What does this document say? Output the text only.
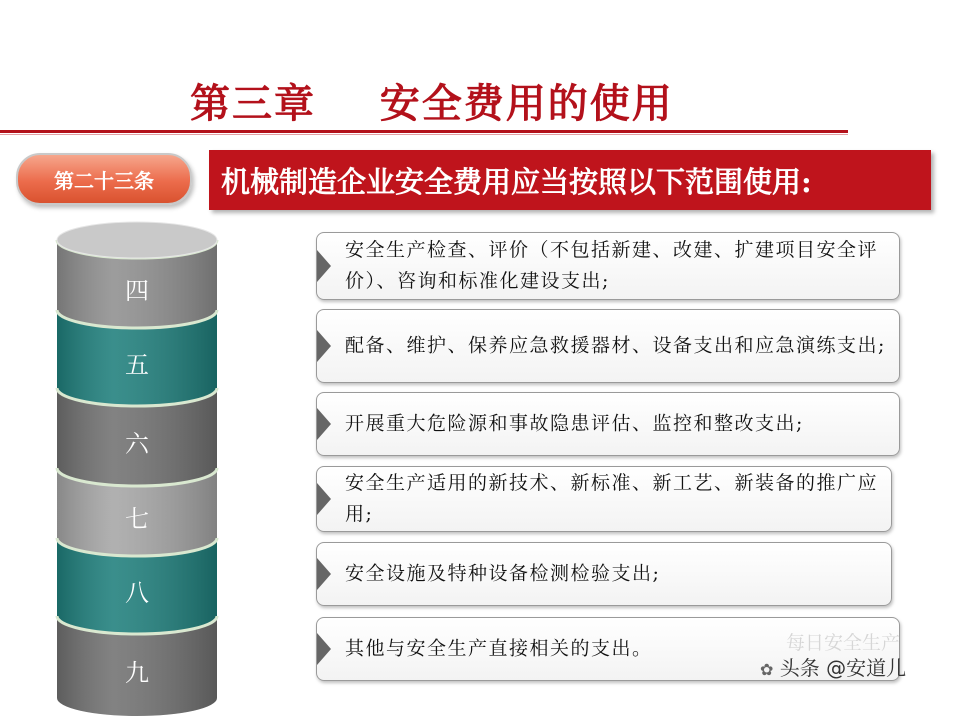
第三章    安全费用的使用
第二十三条 机械制造企业安全费用应当按照以下范围使用:
四
五
六
七
八
九
安全生产检查、评价（不包括新建、改建、扩建项目安全评价）、咨询和标准化建设支出;
配备、维护、保养应急救援器材、设备支出和应急演练支出;
开展重大危险源和事故隐患评估、监控和整改支出;
安全生产适用的新技术、新标准、新工艺、新装备的推广应用;
安全设施及特种设备检测检验支出;
其他与安全生产直接相关的支出。	每日安全生产
✿ 头条 @安道儿
